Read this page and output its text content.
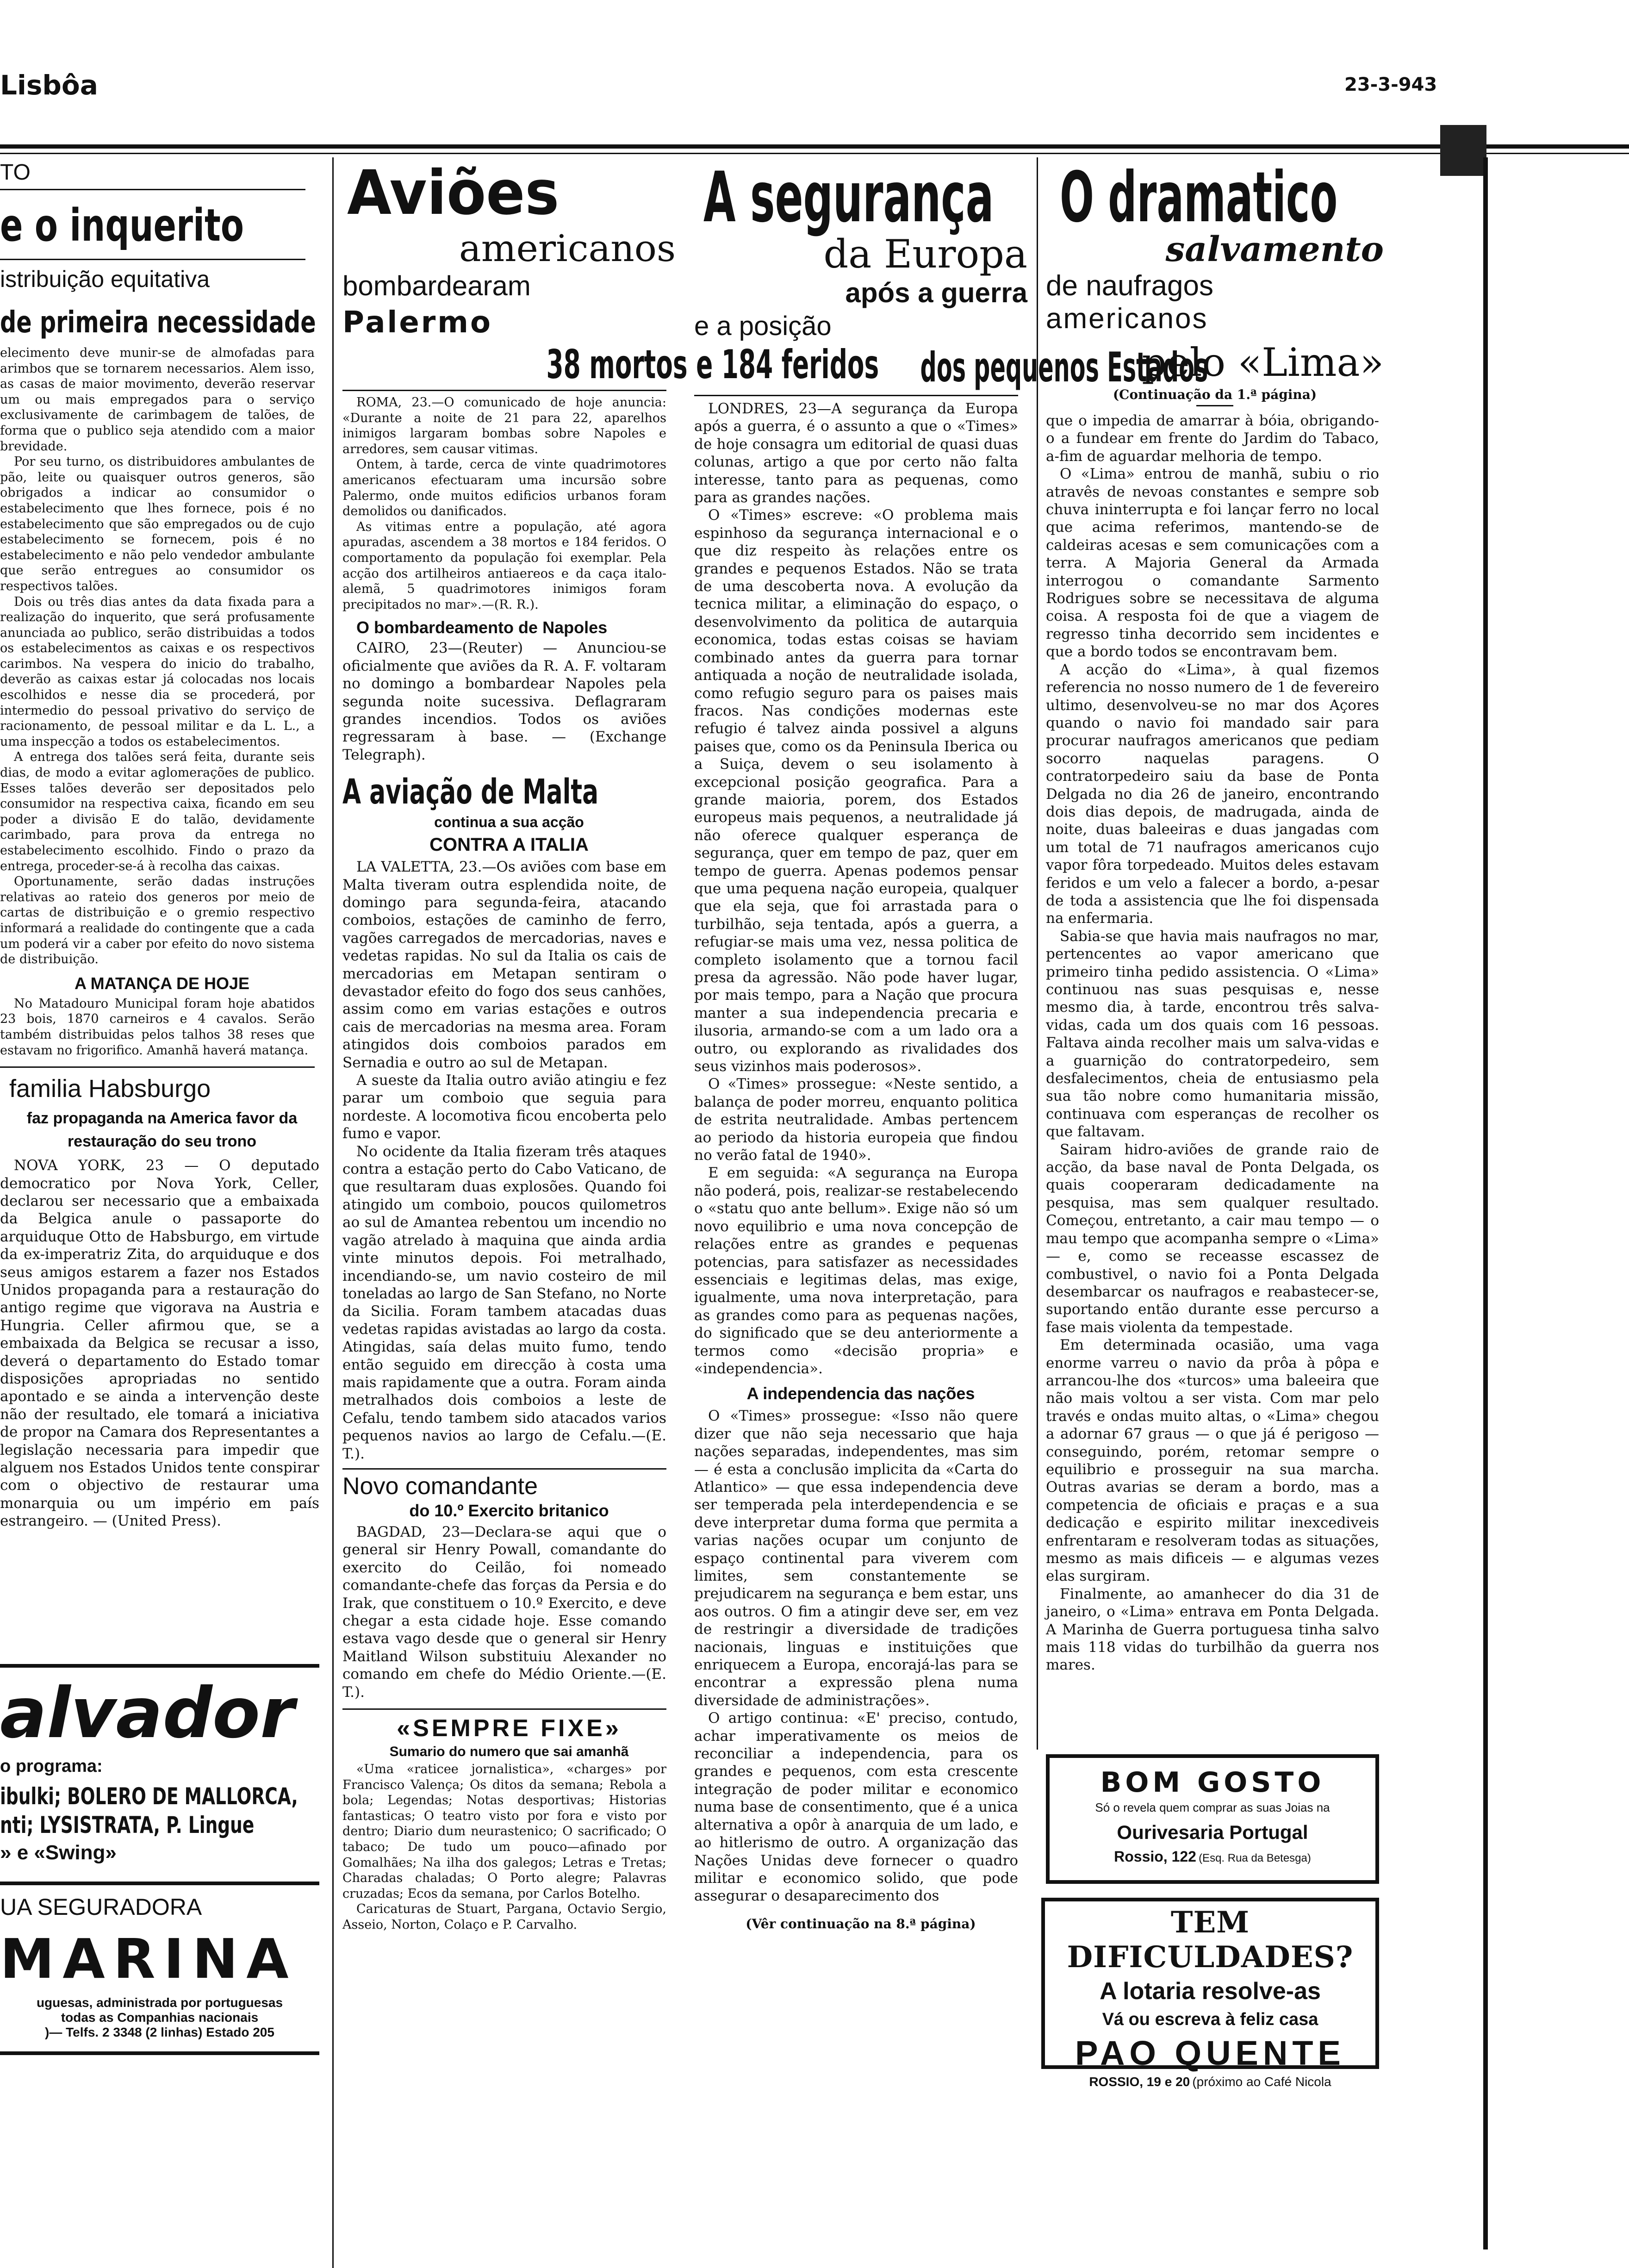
Lisbôa	23-3-943
TO
e o inquerito
istribuição equitativa
de primeira necessidade

elecimento deve munir-se de almofadas para arimbos que se tornarem necessarios. Alem isso, as casas de maior movimento, deverão reservar um ou mais empregados para o serviço exclusivamente de carimbagem de talões, de forma que o publico seja atendido com a maior brevidade.

Por seu turno, os distribuidores ambulantes de pão, leite ou quaisquer outros generos, são obrigados a indicar ao consumidor o estabelecimento que lhes fornece, pois é no estabelecimento que são empregados ou de cujo estabelecimento se fornecem, pois é no estabelecimento e não pelo vendedor ambulante que serão entregues ao consumidor os respectivos talões.

Dois ou três dias antes da data fixada para a realização do inquerito, que será profusamente anunciada ao publico, serão distribuidas a todos os estabelecimentos as caixas e os respectivos carimbos. Na vespera do inicio do trabalho, deverão as caixas estar já colocadas nos locais escolhidos e nesse dia se procederá, por intermedio do pessoal privativo do serviço de racionamento, de pessoal militar e da L. L., a uma inspecção a todos os estabelecimentos.

A entrega dos talões será feita, durante seis dias, de modo a evitar aglomerações de publico. Esses talões deverão ser depositados pelo consumidor na respectiva caixa, ficando em seu poder a divisão E do talão, devidamente carimbado, para prova da entrega no estabelecimento escolhido. Findo o prazo da entrega, proceder-se-á à recolha das caixas.

Oportunamente, serão dadas instruções relativas ao rateio dos generos por meio de cartas de distribuição e o gremio respectivo informará a realidade do contingente que a cada um poderá vir a caber por efeito do novo sistema de distribuição.

A MATANÇA DE HOJE

No Matadouro Municipal foram hoje abatidos 23 bois, 1870 carneiros e 4 cavalos. Serão também distribuidas pelos talhos 38 reses que estavam no frigorifico. Amanhã haverá matança.

familia Habsburgo
faz propaganda na America favor da restauração do seu trono

NOVA YORK, 23 — O deputado democratico por Nova York, Celler, declarou ser necessario que a embaixada da Belgica anule o passaporte do arquiduque Otto de Habsburgo, em virtude da ex-imperatriz Zita, do arquiduque e dos seus amigos estarem a fazer nos Estados Unidos propaganda para a restauração do antigo regime que vigorava na Austria e Hungria. Celler afirmou que, se a embaixada da Belgica se recusar a isso, deverá o departamento do Estado tomar disposições apropriadas no sentido apontado e se ainda a intervenção deste não der resultado, ele tomará a iniciativa de propor na Camara dos Representantes a legislação necessaria para impedir que alguem nos Estados Unidos tente conspirar com o objectivo de restaurar uma monarquia ou um império em país estrangeiro. — (United Press).

alvador
o programa:
ibulki; BOLERO DE MALLORCA, nti; LYSISTRATA, P. Lingue
» e «Swing»
UA SEGURADORA
MARINA
uguesas, administrada por portuguesas
todas as Companhias nacionais
)— Telfs. 2 3348 (2 linhas) Estado 205
Aviões
americanos
bombardearam
Palermo
38 mortos e 184 feridos

ROMA, 23.—O comunicado de hoje anuncia: «Durante a noite de 21 para 22, aparelhos inimigos largaram bombas sobre Napoles e arredores, sem causar vitimas.

Ontem, à tarde, cerca de vinte quadrimotores americanos efectuaram uma incursão sobre Palermo, onde muitos edificios urbanos foram demolidos ou danificados.

As vitimas entre a população, até agora apuradas, ascendem a 38 mortos e 184 feridos. O comportamento da população foi exemplar. Pela acção dos artilheiros antiaereos e da caça italo-alemã, 5 quadrimotores inimigos foram precipitados no mar».—(R. R.).

O bombardeamento de Napoles

CAIRO, 23—(Reuter) — Anunciou-se oficialmente que aviões da R. A. F. voltaram no domingo a bombardear Napoles pela segunda noite sucessiva. Deflagraram grandes incendios. Todos os aviões regressaram à base. — (Exchange Telegraph).

A aviação de Malta
continua a sua acção
CONTRA A ITALIA

LA VALETTA, 23.—Os aviões com base em Malta tiveram outra esplendida noite, de domingo para segunda-feira, atacando comboios, estações de caminho de ferro, vagões carregados de mercadorias, naves e vedetas rapidas. No sul da Italia os cais de mercadorias em Metapan sentiram o devastador efeito do fogo dos seus canhões, assim como em varias estações e outros cais de mercadorias na mesma area. Foram atingidos dois comboios parados em Sernadia e outro ao sul de Metapan.

A sueste da Italia outro avião atingiu e fez parar um comboio que seguia para nordeste. A locomotiva ficou encoberta pelo fumo e vapor.

No ocidente da Italia fizeram três ataques contra a estação perto do Cabo Vaticano, de que resultaram duas explosões. Quando foi atingido um comboio, poucos quilometros ao sul de Amantea rebentou um incendio no vagão atrelado à maquina que ainda ardia vinte minutos depois. Foi metralhado, incendiando-se, um navio costeiro de mil toneladas ao largo de San Stefano, no Norte da Sicilia. Foram tambem atacadas duas vedetas rapidas avistadas ao largo da costa. Atingidas, saía delas muito fumo, tendo então seguido em direcção à costa uma mais rapidamente que a outra. Foram ainda metralhados dois comboios a leste de Cefalu, tendo tambem sido atacados varios pequenos navios ao largo de Cefalu.—(E. T.).

Novo comandante
do 10.º Exercito britanico

BAGDAD, 23—Declara-se aqui que o general sir Henry Powall, comandante do exercito do Ceilão, foi nomeado comandante-chefe das forças da Persia e do Irak, que constituem o 10.º Exercito, e deve chegar a esta cidade hoje. Esse comando estava vago desde que o general sir Henry Maitland Wilson substituiu Alexander no comando em chefe do Médio Oriente.—(E. T.).

«SEMPRE FIXE»
Sumario do numero que sai amanhã

«Uma «raticee jornalistica», «charges» por Francisco Valença; Os ditos da semana; Rebola a bola; Legendas; Notas desportivas; Historias fantasticas; O teatro visto por fora e visto por dentro; Diario dum neurastenico; O sacrificado; O tabaco; De tudo um pouco—afinado por Gomalhães; Na ilha dos galegos; Letras e Tretas; Charadas chaladas; O Porto alegre; Palavras cruzadas; Ecos da semana, por Carlos Botelho.

Caricaturas de Stuart, Pargana, Octavio Sergio, Asseio, Norton, Colaço e P. Carvalho.

A segurança
da Europa
após a guerra
e a posição
dos pequenos Estados

LONDRES, 23—A segurança da Europa após a guerra, é o assunto a que o «Times» de hoje consagra um editorial de quasi duas colunas, artigo a que por certo não falta interesse, tanto para as pequenas, como para as grandes nações.

O «Times» escreve: «O problema mais espinhoso da segurança internacional e o que diz respeito às relações entre os grandes e pequenos Estados. Não se trata de uma descoberta nova. A evolução da tecnica militar, a eliminação do espaço, o desenvolvimento da politica de autarquia economica, todas estas coisas se haviam combinado antes da guerra para tornar antiquada a noção de neutralidade isolada, como refugio seguro para os paises mais fracos. Nas condições modernas este refugio é talvez ainda possivel a alguns paises que, como os da Peninsula Iberica ou a Suiça, devem o seu isolamento à excepcional posição geografica. Para a grande maioria, porem, dos Estados europeus mais pequenos, a neutralidade já não oferece qualquer esperança de segurança, quer em tempo de paz, quer em tempo de guerra. Apenas podemos pensar que uma pequena nação europeia, qualquer que ela seja, que foi arrastada para o turbilhão, seja tentada, após a guerra, a refugiar-se mais uma vez, nessa politica de completo isolamento que a tornou facil presa da agressão. Não pode haver lugar, por mais tempo, para a Nação que procura manter a sua independencia precaria e ilusoria, armando-se com a um lado ora a outro, ou explorando as rivalidades dos seus vizinhos mais poderosos».

O «Times» prossegue: «Neste sentido, a balança de poder morreu, enquanto politica de estrita neutralidade. Ambas pertencem ao periodo da historia europeia que findou no verão fatal de 1940».

E em seguida: «A segurança na Europa não poderá, pois, realizar-se restabelecendo o «statu quo ante bellum». Exige não só um novo equilibrio e uma nova concepção de relações entre as grandes e pequenas potencias, para satisfazer as necessidades essenciais e legitimas delas, mas exige, igualmente, uma nova interpretação, para as grandes como para as pequenas nações, do significado que se deu anteriormente a termos como «decisão propria» e «independencia».

A independencia das nações

O «Times» prossegue: «Isso não quere dizer que não seja necessario que haja nações separadas, independentes, mas sim — é esta a conclusão implicita da «Carta do Atlantico» — que essa independencia deve ser temperada pela interdependencia e se deve interpretar duma forma que permita a varias nações ocupar um conjunto de espaço continental para viverem com limites, sem constantemente se prejudicarem na segurança e bem estar, uns aos outros. O fim a atingir deve ser, em vez de restringir a diversidade de tradições nacionais, linguas e instituições que enriquecem a Europa, encorajá-las para se encontrar a expressão plena numa diversidade de administrações».

O artigo continua: «E' preciso, contudo, achar imperativamente os meios de reconciliar a independencia, para os grandes e pequenos, com esta crescente integração de poder militar e economico numa base de consentimento, que é a unica alternativa a opôr à anarquia de um lado, e ao hitlerismo de outro. A organização das Nações Unidas deve fornecer o quadro militar e economico solido, que pode assegurar o desaparecimento dos

(Vêr continuação na 8.ª página)
O dramatico
salvamento
de naufragos
americanos
pelo «Lima»
(Continuação da 1.ª página)

que o impedia de amarrar à bóia, obrigando-o a fundear em frente do Jardim do Tabaco, a-fim de aguardar melhoria de tempo.

O «Lima» entrou de manhã, subiu o rio atravês de nevoas constantes e sempre sob chuva ininterrupta e foi lançar ferro no local que acima referimos, mantendo-se de caldeiras acesas e sem comunicações com a terra. A Majoria General da Armada interrogou o comandante Sarmento Rodrigues sobre se necessitava de alguma coisa. A resposta foi de que a viagem de regresso tinha decorrido sem incidentes e que a bordo todos se encontravam bem.

A acção do «Lima», à qual fizemos referencia no nosso numero de 1 de fevereiro ultimo, desenvolveu-se no mar dos Açores quando o navio foi mandado sair para procurar naufragos americanos que pediam socorro naquelas paragens. O contratorpedeiro saiu da base de Ponta Delgada no dia 26 de janeiro, encontrando dois dias depois, de madrugada, ainda de noite, duas baleeiras e duas jangadas com um total de 71 naufragos americanos cujo vapor fôra torpedeado. Muitos deles estavam feridos e um velo a falecer a bordo, a-pesar de toda a assistencia que lhe foi dispensada na enfermaria.

Sabia-se que havia mais naufragos no mar, pertencentes ao vapor americano que primeiro tinha pedido assistencia. O «Lima» continuou nas suas pesquisas e, nesse mesmo dia, à tarde, encontrou três salva-vidas, cada um dos quais com 16 pessoas. Faltava ainda recolher mais um salva-vidas e a guarnição do contratorpedeiro, sem desfalecimentos, cheia de entusiasmo pela sua tão nobre como humanitaria missão, continuava com esperanças de recolher os que faltavam.

Sairam hidro-aviões de grande raio de acção, da base naval de Ponta Delgada, os quais cooperaram dedicadamente na pesquisa, mas sem qualquer resultado. Começou, entretanto, a cair mau tempo — o mau tempo que acompanha sempre o «Lima» — e, como se receasse escassez de combustivel, o navio foi a Ponta Delgada desembarcar os naufragos e reabastecer-se, suportando então durante esse percurso a fase mais violenta da tempestade.

Em determinada ocasião, uma vaga enorme varreu o navio da prôa à pôpa e arrancou-lhe dos «turcos» uma baleeira que não mais voltou a ser vista. Com mar pelo través e ondas muito altas, o «Lima» chegou a adornar 67 graus — o que já é perigoso — conseguindo, porém, retomar sempre o equilibrio e prosseguir na sua marcha. Outras avarias se deram a bordo, mas a competencia de oficiais e praças e a sua dedicação e espirito militar inexcediveis enfrentaram e resolveram todas as situações, mesmo as mais dificeis — e algumas vezes elas surgiram.

Finalmente, ao amanhecer do dia 31 de janeiro, o «Lima» entrava em Ponta Delgada. A Marinha de Guerra portuguesa tinha salvo mais 118 vidas do turbilhão da guerra nos mares.

BOM GOSTO
Só o revela quem comprar as suas Joias na
Ourivesaria Portugal
Rossio, 122 (Esq. Rua da Betesga)
TEM DIFICULDADES?
A lotaria resolve-as
Vá ou escreva à feliz casa
PAO QUENTE
ROSSIO, 19 e 20 (próximo ao Café Nicola
